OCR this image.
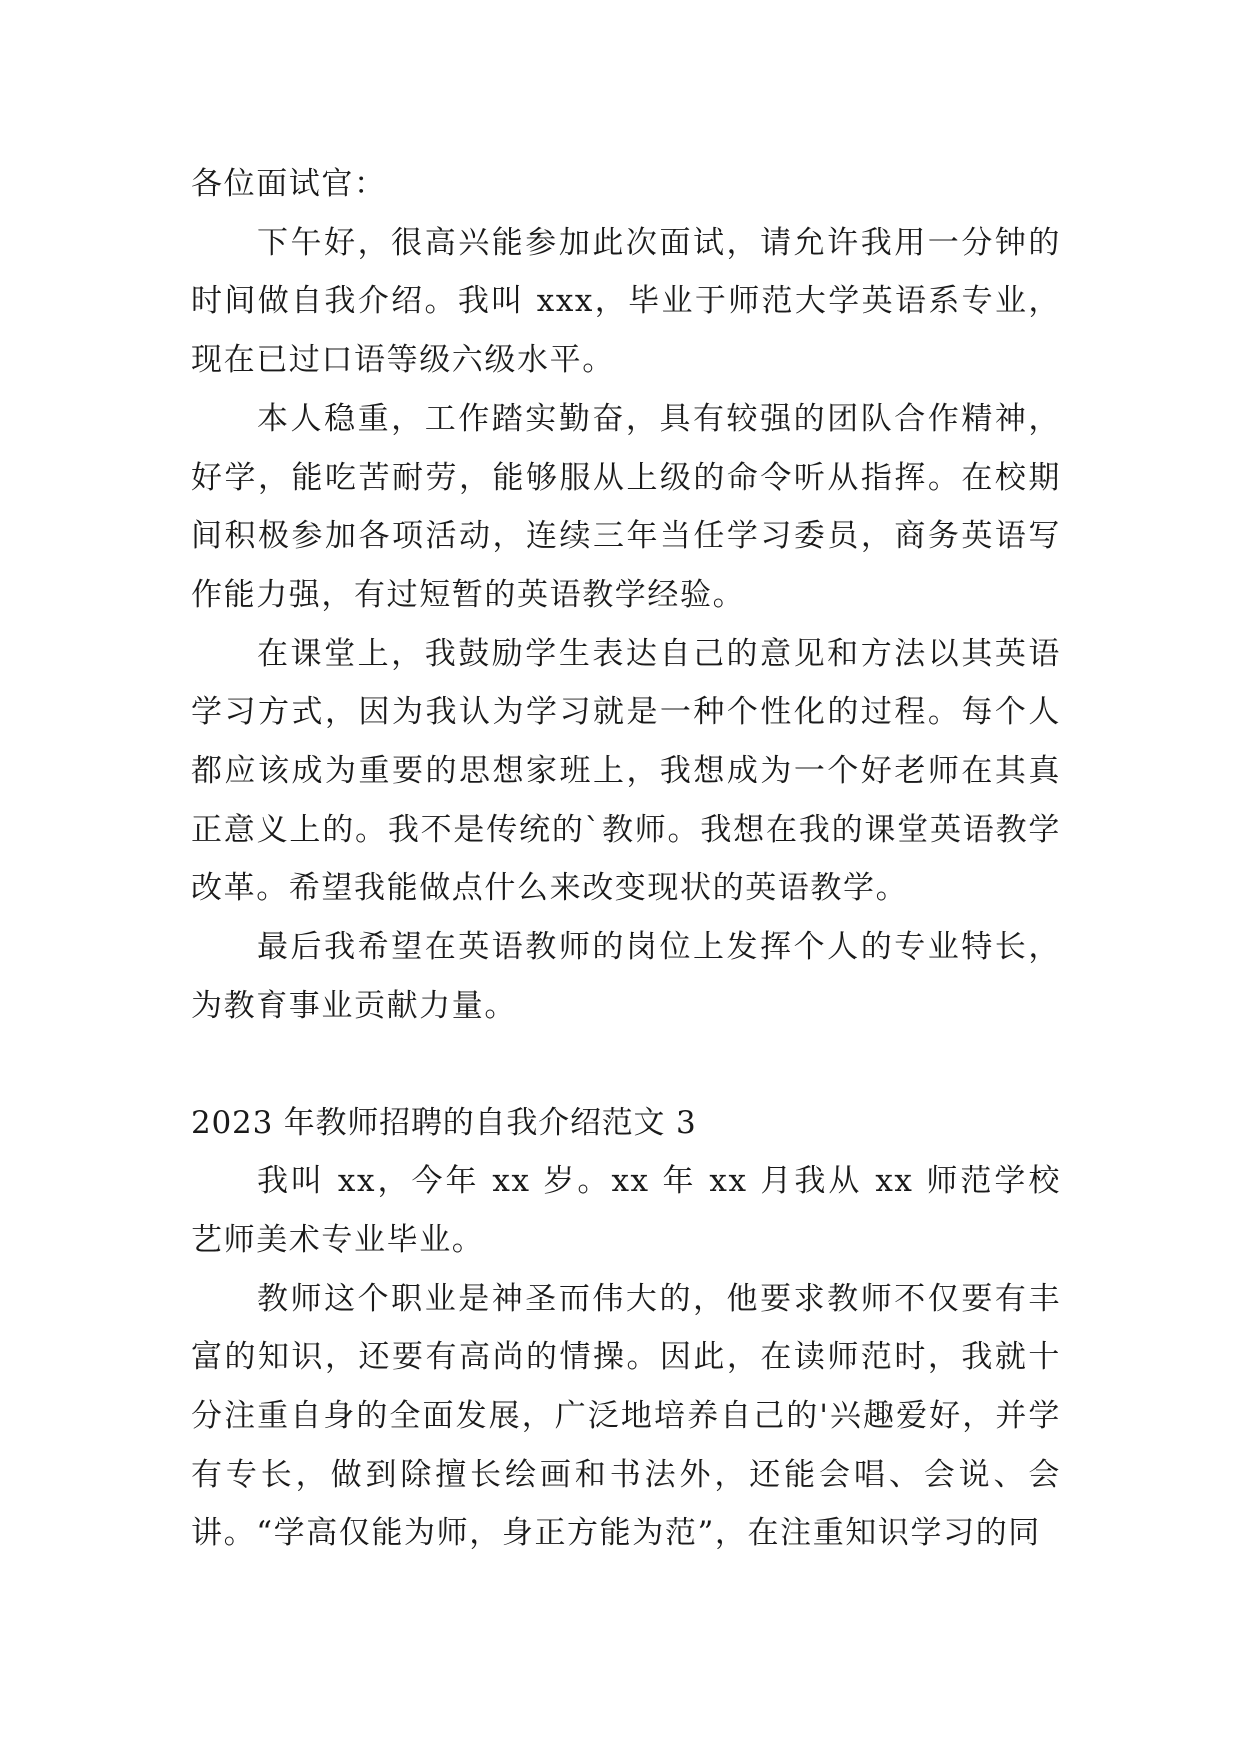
各位面试官：

下午好，很高兴能参加此次面试，请允许我用一分钟的时间做自我介绍。我叫 xxx，毕业于师范大学英语系专业，现在已过口语等级六级水平。

本人稳重，工作踏实勤奋，具有较强的团队合作精神，好学，能吃苦耐劳，能够服从上级的命令听从指挥。在校期间积极参加各项活动，连续三年当任学习委员，商务英语写作能力强，有过短暂的英语教学经验。

在课堂上，我鼓励学生表达自己的意见和方法以其英语学习方式，因为我认为学习就是一种个性化的过程。每个人都应该成为重要的思想家班上，我想成为一个好老师在其真正意义上的。我不是传统的`教师。我想在我的课堂英语教学改革。希望我能做点什么来改变现状的英语教学。

最后我希望在英语教师的岗位上发挥个人的专业特长，为教育事业贡献力量。

2023 年教师招聘的自我介绍范文 3

我叫 xx，今年 xx 岁。xx 年 xx 月我从 xx 师范学校艺师美术专业毕业。

教师这个职业是神圣而伟大的，他要求教师不仅要有丰富的知识，还要有高尚的情操。因此，在读师范时，我就十分注重自身的全面发展，广泛地培养自己的'兴趣爱好，并学有专长，做到除擅长绘画和书法外，还能会唱、会说、会讲。“学高仅能为师，身正方能为范”，在注重知识学习的同
